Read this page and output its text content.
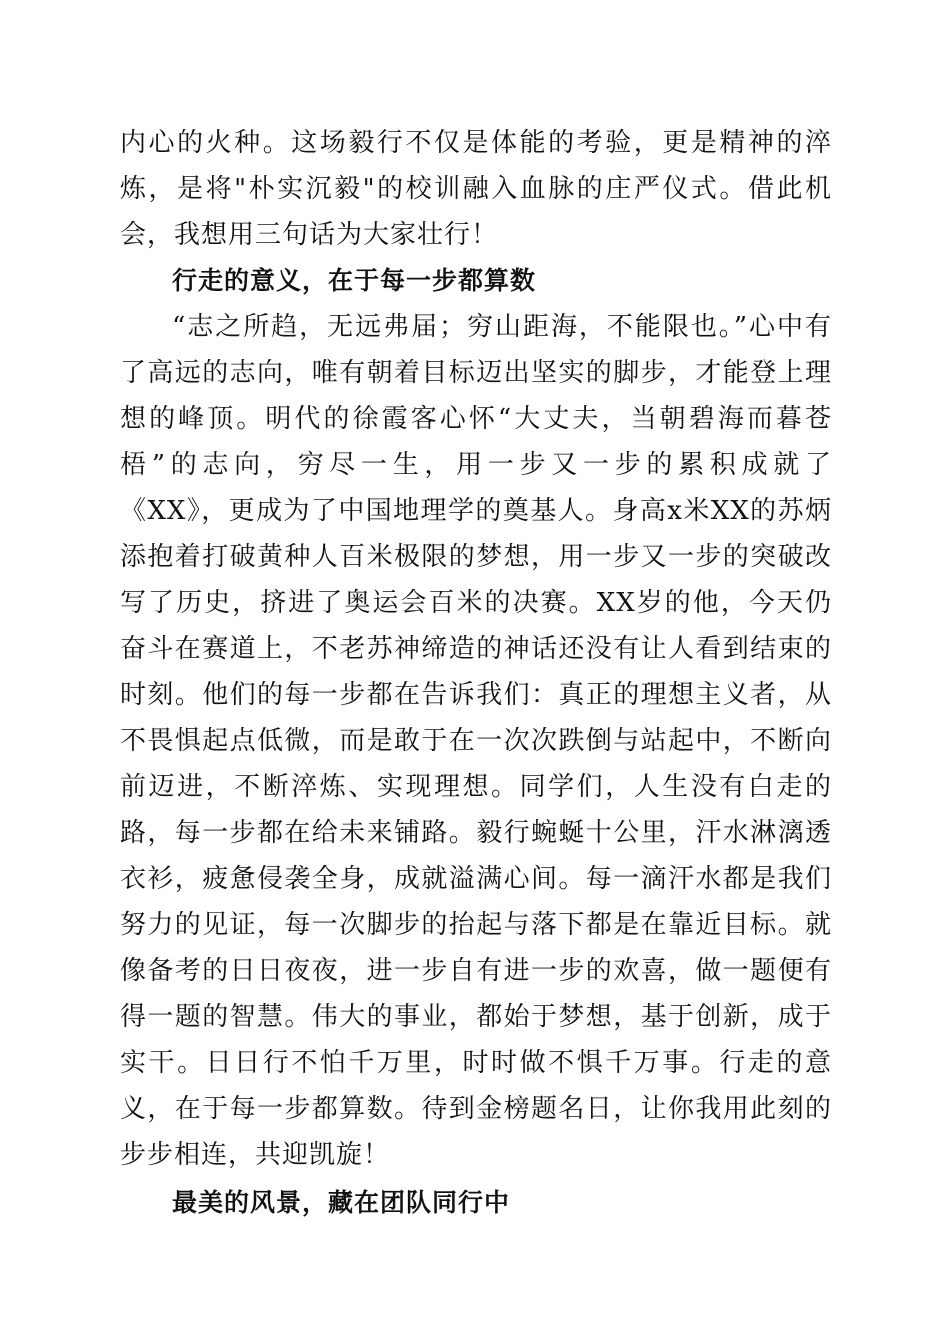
内心的火种。这场毅行不仅是体能的考验，更是精神的淬炼，是将"朴实沉毅"的校训融入血脉的庄严仪式。借此机会，我想用三句话为大家壮行！

行走的意义，在于每一步都算数

“志之所趋，无远弗届；穷山距海，不能限也。”心中有了高远的志向，唯有朝着目标迈出坚实的脚步，才能登上理想的峰顶。明代的徐霞客心怀“大丈夫，当朝碧海而暮苍梧”的志向，穷尽一生，用一步又一步的累积成就了《XX》，更成为了中国地理学的奠基人。身高x米XX的苏炳添抱着打破黄种人百米极限的梦想，用一步又一步的突破改写了历史，挤进了奥运会百米的决赛。XX岁的他，今天仍奋斗在赛道上，不老苏神缔造的神话还没有让人看到结束的时刻。他们的每一步都在告诉我们：真正的理想主义者，从不畏惧起点低微，而是敢于在一次次跌倒与站起中，不断向前迈进，不断淬炼、实现理想。同学们，人生没有白走的路，每一步都在给未来铺路。毅行蜿蜒十公里，汗水淋漓透衣衫，疲惫侵袭全身，成就溢满心间。每一滴汗水都是我们努力的见证，每一次脚步的抬起与落下都是在靠近目标。就像备考的日日夜夜，进一步自有进一步的欢喜，做一题便有得一题的智慧。伟大的事业，都始于梦想，基于创新，成于实干。日日行不怕千万里，时时做不惧千万事。行走的意义，在于每一步都算数。待到金榜题名日，让你我用此刻的步步相连，共迎凯旋！

最美的风景，藏在团队同行中
